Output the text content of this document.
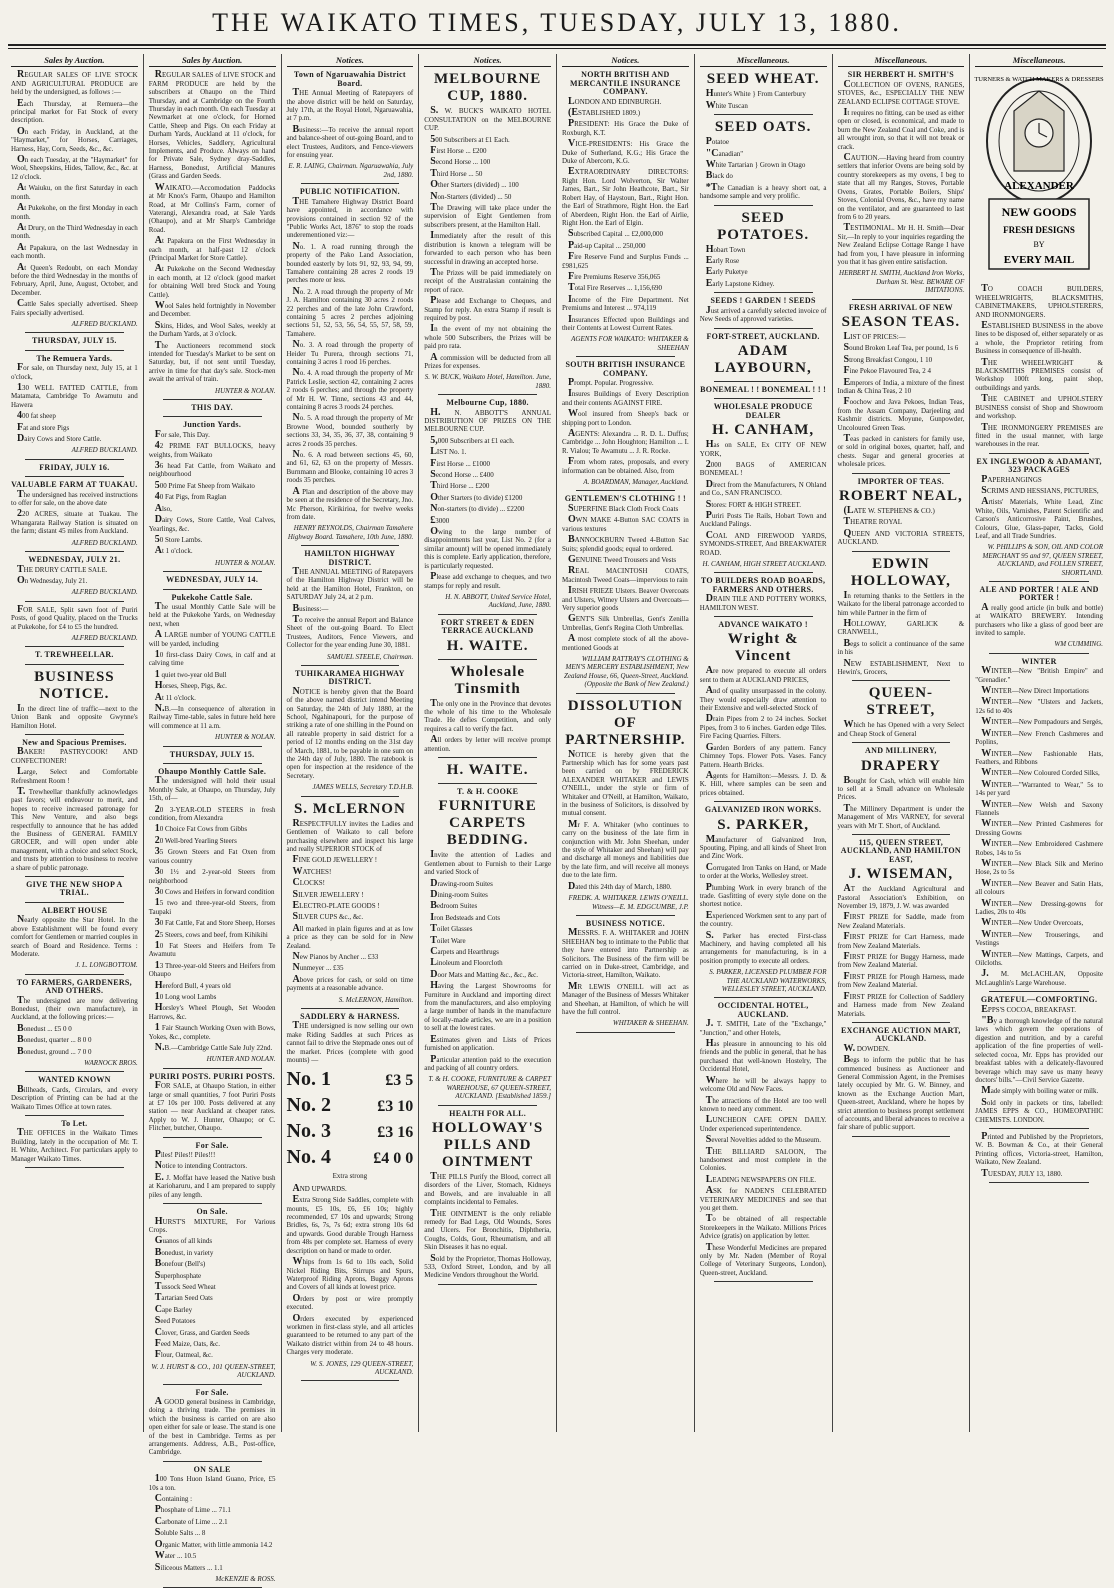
THE WAIKATO TIMES, TUESDAY, JULY 13, 1880.
Sales by Auction.

REGULAR SALES OF LIVE STOCK AND AGRICULTURAL PRODUCE are held by the undersigned, as follows :—

Each Thursday, at Remuera—the principal market for Fat Stock of every description.

On each Friday, in Auckland, at the "Haymarket," for Horses, Carriages, Harness, Hay, Corn, Seeds, &c., &c.

On each Tuesday, at the "Haymarket" for Wool, Sheepskins, Hides, Tallow, &c., &c. at 12 o'clock.

At Waiuku, on the first Saturday in each month.

At Pukekohe, on the first Monday in each month.

At Drury, on the Third Wednesday in each month.

At Papakura, on the last Wednesday in each month.

At Queen's Redoubt, on each Monday before the third Wednesday in the months of February, April, June, August, October, and December.

Cattle Sales specially advertised. Sheep Fairs specially advertised.

ALFRED BUCKLAND.
THURSDAY, JULY 15.
The Remuera Yards.

For sale, on Thursday next, July 15, at 1 o'clock,

130 WELL FATTED CATTLE, from Matamata, Cambridge To Awamutu and Hawera

400 fat sheep

Fat and store Pigs

Dairy Cows and Store Cattle.

ALFRED BUCKLAND.
FRIDAY, JULY 16.
VALUABLE FARM AT TUAKAU.

The undersigned has received instructions to offer for sale, on the above date

220 ACRES, situate at Tuakau. The Whangarata Railway Station is situated on the farm; distant 45 miles from Auckland.

ALFRED BUCKLAND.
WEDNESDAY, JULY 21.

THE DRURY CATTLE SALE.

On Wednesday, July 21.

ALFRED BUCKLAND.

FOR SALE, Split sawn foot of Puriri Posts, of good Quality, placed on the Trucks at Pukekohe, for £4 to £5 the hundred.

ALFRED BUCKLAND.
T. TREWHEELLAR.
BUSINESS NOTICE.

In the direct line of traffic—next to the Union Bank and opposite Gwynne's Hamilton Hotel.

New and Spacious Premises.

BAKER! PASTRYCOOK! AND CONFECTIONER!

Large, Select and Comfortable Refreshment Room !

T. Trewheellar thankfully acknowledges past favors; will endeavour to merit, and hopes to receive increased patronage for This New Venture, and also begs respectfully to announce that he has added the Business of GENERAL FAMILY GROCER, and will open under able management, with a choice and select Stock, and trusts by attention to business to receive a share of public patronage.

GIVE THE NEW SHOP A TRIAL.
ALBERT HOUSE

Nearly opposite the Star Hotel. In the above Establishment will be found every comfort for Gentlemen or married couples in search of Board and Residence. Terms : Moderate.

J. L. LONGBOTTOM.
TO FARMERS, GARDENERS, AND OTHERS.

The undersigned are now delivering Bonedust, (their own manufacture), in Auckland, at the following prices:—

Bonedust ... £5 0 0

Bonedust, quarter ... 8 0 0

Bonedust, ground ... 7 0 0

WARNOCK BROS.
WANTED KNOWN

Billheads, Cards, Circulars, and every Description of Printing can be had at the Waikato Times Office at town rates.

To Let.

THE OFFICES in the Waikato Times Building, lately in the occupation of Mr. T. H. White, Architect. For particulars apply to Manager Waikato Times.

Sales by Auction.

REGULAR SALES of LIVE STOCK and FARM PRODUCE are held by the subscribers at Ohaupo on the Third Thursday, and at Cambridge on the Fourth Thursday in each month. On each Tuesday at Newmarket at one o'clock, for Horned Cattle, Sheep and Pigs. On each Friday at Durham Yards, Auckland at 11 o'clock, for Horses, Vehicles, Saddlery, Agricultural Implements, and Produce. Always on hand for Private Sale, Sydney dray-Saddles, Harness, Bonedust, Artificial Manures (Grass and Garden Seeds.

WAIKATO.—Accomodation Paddocks at Mr Knox's Farm, Ohaupo and Hamilton Road, at Mr Collins's Farm, corner of Vaterangi, Alexandra road, at Sale Yards (Ohaupo), and at Mr Sharp's Cambridge Road.

At Papakura on the First Wednesday in each month, at half-past 12 o'clock (Principal Market for Store Cattle).

At Pukekohe on the Second Wednesday in each month, at 12 o'clock (good market for obtaining Well bred Stock and Young Cattle).

Wool Sales held fortnightly in November and December.

Skins, Hides, and Wool Sales, weekly at the Durham Yards, at 3 o'clock.

The Auctioneers recommend stock intended for Tuesday's Market to be sent on Saturday, but, if not sent until Tuesday, arrive in time for that day's sale. Stock-men await the arrival of train.

HUNTER & NOLAN.
THIS DAY.
Junction Yards.

For sale, This Day.

42 PRIME FAT BULLOCKS, heavy weights, from Waikato

36 head Fat Cattle, from Waikato and neighbourhood

500 Prime Fat Sheep from Waikato

40 Fat Pigs, from Raglan

Also,

Dairy Cows, Store Cattle, Veal Calves, Yearlings, &c.

50 Store Lambs.

At 1 o'clock.

HUNTER & NOLAN.
WEDNESDAY, JULY 14.
Pukekohe Cattle Sale.

The usual Monthly Cattle Sale will be held at the Pukekohe Yards, on Wednesday next, when

A LARGE number of YOUNG CATTLE will be yarded, including

10 first-class Dairy Cows, in calf and at calving time

1 quiet two-year old Bull

Horses, Sheep, Pigs, &c.

At 11 o'clock.

N.B.—In consequence of alteration in Railway Time-table, sales in future held here will commence at 11 a.m.

HUNTER & NOLAN.
THURSDAY, JULY 15.
Ohaupo Monthly Cattle Sale.

The undersigned will hold their usual Monthly Sale, at Ohaupo, on Thursday, July 15th, of—

20 3-YEAR-OLD STEERS in fresh condition, from Alexandra

10 Choice Fat Cows from Gibbs

20 Well-bred Yearling Steers

35 Grown Steers and Fat Oxen from various country

30 1½ and 2-year-old Steers from neighborhood

30 Cows and Heifers in forward condition

15 two and three-year-old Steers, from Taupaki

30 Fat Cattle, Fat and Store Sheep, Horses

25 Steers, cows and beef, from Kihikihi

10 Fat Steers and Heifers from Te Awamutu

13 Three-year-old Steers and Heifers from Ohaupo

Hereford Bull, 4 years old

10 Long wool Lambs

Horsley's Wheel Plough, Set Wooden Harrows, &c.

1 Fair Staunch Working Oxen with Bows, Yokes, &c., complete.

N.B.—Cambridge Cattle Sale July 22nd.

HUNTER AND NOLAN.
PURIRI POSTS. PURIRI POSTS.

FOR SALE, at Ohaupo Station, in either large or small quantities, 7 foot Puriri Posts at £7 10s per 100. Posts delivered at any station — near Auckland at cheaper rates. Apply to W. J. Hunter, Ohaupo; or C. Flitcher, butcher, Ohaupo.

For Sale.

Piles! Piles!! Piles!!!

Notice to intending Contractors.

E. J. Moffat have leased the Native bush at Karioharuru, and I am prepared to supply piles of any length.

On Sale.

HURST'S MIXTURE, For Various Crops.

Guanos of all kinds

Bonedust, in variety

Bonefour (Bell's)

Superphosphate

Tussock Seed Wheat

Tartarian Seed Oats

Cape Barley

Seed Potatoes

Clover, Grass, and Garden Seeds

Feed Maize, Oats, &c.

Flour, Oatmeal, &c.

W. J. HURST & CO., 101 QUEEN-STREET, AUCKLAND.
For Sale.

A GOOD general business in Cambridge, doing a thriving trade. The premises in which the business is carried on are also open either for sale or lease. The stand is one of the best in Cambridge. Terms as per arrangements. Address, A.B., Post-office, Cambridge.

ON SALE

100 Tons Huon Island Guano, Price, £5 10s a ton.

Containing :

Phosphate of Lime ... 71.1

Carbonate of Lime ... 2.1

Soluble Salts ... 8

Organic Matter, with little ammonia 14.2

Water ... 10.5

Siliceous Matters ... 1.1

McKENZIE & ROSS.
Notices.
Town of Ngaruawahia District Board.

THE Annual Meeting of Ratepayers of the above district will be held on Saturday, July 17th, at the Royal Hotel, Ngaruawahia, at 7 p.m.

Business:—To receive the annual report and balance-sheet of out-going Board, and to elect Trustees, Auditors, and Fence-viewers for ensuing year.

E. R. LAING, Chairman. Ngaruawahia, July 2nd, 1880.
PUBLIC NOTIFICATION.

THE Tamahere Highway District Board have appointed, in accordance with provisions contained in section 92 of the "Public Works Act, 1876" to stop the roads underementioned viz:—

No. 1. A road running through the property of the Pako Land Association, bounded easterly by lots 91, 92, 93, 94, 99, Tamahere containing 28 acres 2 roods 19 perches more or less.

No. 2. A road through the property of Mr J. A. Hamilton containing 30 acres 2 roods 22 perches and of the late John Crawford, containing 5 acres 2 perches adjoining sections 51, 52, 53, 56, 54, 55, 57, 58, 59, Tamahere.

No. 3. A road through the property of Heider Tu Purera, through sections 71, containing 3 acres 1 rood 16 perches.

No. 4. A road through the property of Mr Patrick Leslie, section 42, containing 2 acres 2 roods 6 perches; and through the property of Mr H. W. Tinne, sections 43 and 44, containing 8 acres 3 roods 24 perches.

No. 5. A road through the property of Mr Browne Wood, bounded southerly by sections 33, 34, 35, 36, 37, 38, containing 9 acres 2 roods 35 perches.

No. 6. A road between sections 45, 60, and 61, 62, 63 on the property of Messrs. Burnmann and Blooke, containing 10 acres 3 roods 35 perches.

A Plan and description of the above may be seen at the residence of the Secretary, Jno. Mc Pherson, Kirikirioa, for twelve weeks from date.

HENRY REYNOLDS, Chairman Tamahere Highway Board. Tamahere, 10th June, 1880.
HAMILTON HIGHWAY DISTRICT.

THE ANNUAL MEETING of Ratepayers of the Hamilton Highway District will be held at the Hamilton Hotel, Frankton, on SATURDAY July 24, at 2 p.m.

Business:—

To receive the annual Report and Balance Sheet of the out-going Board. To Elect Trustees, Auditors, Fence Viewers, and Collector for the year ending June 30, 1881.

SAMUEL STEELE, Chairman.
TUHIKARAMEA HIGHWAY DISTRICT.

NOTICE is hereby given that the Board of the above named district intend Meeting on Saturday, the 24th of July 1880, at the School, Ngahinapouri, for the purpose of striking a rate of one shilling in the Pound on all rateable property in said district for a period of 12 months ending on the 31st day of March, 1881, to be payable in one sum on the 24th day of July, 1880. The ratebook is open for inspection at the residence of the Secretary.

JAMES WELLS, Secretary T.D.H.B.
S. McLERNON

RESPECTFULLY invites the Ladies and Gentlemen of Waikato to call before purchasing elsewhere and inspect his large and really SUPERIOR STOCK of

FINE GOLD JEWELLERY !

WATCHES!

CLOCKS!

SILVER JEWELLERY !

ELECTRO-PLATE GOODS !

SILVER CUPS &c., &c.

All marked in plain figures and at as low a price as they can be sold for in New Zealand.

New Pianos by Ancher ... £33

Nunmeyer ... £35

Above prices for cash, or sold on time payments at a reasonable advance.

S. McLERNON, Hamilton.
SADDLERY & HARNESS.

THE undersigned is now selling our own make Riding Saddles at such Prices as cannot fail to drive the Stepmade ones out of the market. Prices (complete with good mounts) —

No. 1	£3 5
No. 2	£3 10
No. 3	£3 16
No. 4	£4 0 0
Extra strong

AND UPWARDS.

Extra Strong Side Saddles, complete with mounts, £5 10s, £6, £6 10s; highly recommended, £7 10s and upwards; Strong Bridles, 6s, 7s, 7s 6d; extra strong 10s 6d and upwards. Good durable Trough Harness from 48s per complete set. Harness of every description on hand or made to order.

Whips from 1s 6d to 10s each, Solid Nickel Riding Bits, Stirrups and Spurs, Waterproof Riding Aprons, Buggy Aprons and Covers of all kinds at lowest price.

Orders by post or wire promptly executed.

Orders executed by experienced workmen in first-class style, and all articles guaranteed to be returned to any part of the Waikato district within from 24 to 48 hours. Charges very moderate.

W. S. JONES, 129 QUEEN-STREET, AUCKLAND.
Notices.
MELBOURNE CUP, 1880.

S. W. BUCK'S WAIKATO HOTEL CONSULTATION on the MELBOURNE CUP.

500 Subscribers at £1 Each.

First Horse ... £200

Second Horse ... 100

Third Horse ... 50

Other Starters (divided) ... 100

Non-Starters (divided) ... 50

The Drawing will take place under the supervision of Eight Gentlemen from subscribers present, at the Hamilton Hall.

Immediately after the result of this distribution is known a telegram will be forwarded to each person who has been successful in drawing an accepted horse.

The Prizes will be paid immediately on receipt of the Australasian containing the report of race.

Please add Exchange to Cheques, and Stamp for reply. An extra Stamp if result is required by post.

In the event of my not obtaining the whole 500 Subscribers, the Prizes will be paid pro rata.

A commission will be deducted from all Prizes for expenses.

S. W. BUCK, Waikato Hotel, Hamilton. June, 1880.
Melbourne Cup, 1880.

H. N. ABBOTT'S ANNUAL DISTRIBUTION OF PRIZES ON THE MELBOURNE CUP.

5,000 Subscribers at £1 each.

LIST No. 1.

First Horse ... £1000

Second Horse ... £400

Third Horse ... £200

Other Starters (to divide) £1200

Non-starters (to divide) ... £2200

£3000

Owing to the large number of disappointments last year, List No. 2 (for a similar amount) will be opened immediately this is complete. Early application, therefore, is particularly requested.

Please add exchange to cheques, and two stamps for reply and result.

H. N. ABBOTT, United Service Hotel, Auckland, June, 1880.
FORT STREET & EDEN TERRACE AUCKLAND
H. WAITE.
Wholesale Tinsmith

The only one in the Province that devotes the whole of his time to the Wholesale Trade. He defies Competition, and only requires a call to verify the fact.

All orders by letter will receive prompt attention.

H. WAITE.
T. & H. COOKE
FURNITURE CARPETS BEDDING.

Invite the attention of Ladies and Gentlemen about to Furnish to their Large and varied Stock of

Drawing-room Suites

Dining-room Suites

Bedroom Suites

Iron Bedsteads and Cots

Toilet Glasses

Toilet Ware

Carpets and Hearthrugs

Linoleum and Floorcloth

Door Mats and Matting &c., &c., &c.

Having the Largest Showrooms for Furniture in Auckland and importing direct from the manufacturers, and also employing a large number of hands in the manufacture of locally-made articles, we are in a position to sell at the lowest rates.

Estimates given and Lists of Prices furnished on application.

Particular attention paid to the execution and packing of all country orders.

T. & H. COOKE, FURNITURE & CARPET WAREHOUSE, 67 QUEEN-STREET, AUCKLAND. [Established 1859.]
HEALTH FOR ALL.
HOLLOWAY'S PILLS AND OINTMENT

THE PILLS Purify the Blood, correct all disorders of the Liver, Stomach, Kidneys and Bowels, and are invaluable in all complaints incidental to Females.

THE OINTMENT is the only reliable remedy for Bad Legs, Old Wounds, Sores and Ulcers. For Bronchitis, Diphtheria, Coughs, Colds, Gout, Rheumatism, and all Skin Diseases it has no equal.

Sold by the Proprietor, Thomas Holloway, 533, Oxford Street, London, and by all Medicine Vendors throughout the World.

Notices.
NORTH BRITISH AND MERCANTILE INSURANCE COMPANY.

LONDON AND EDINBURGH.

(ESTABLISHED 1809.)

PRESIDENT: His Grace the Duke of Roxburgh, K.T.

VICE-PRESIDENTS: His Grace the Duke of Sutherland, K.G.; His Grace the Duke of Abercorn, K.G.

EXTRAORDINARY DIRECTORS: Right Hon. Lord Wolverton, Sir Walter James, Bart., Sir John Heathcote, Bart., Sir Robert Hay, of Haystoun, Bart., Right Hon. the Earl of Strathmore, Right Hon. the Earl of Aberdeen, Right Hon. the Earl of Airlie, Right Hon. the Earl of Elgin.

Subscribed Capital ... £2,000,000

Paid-up Capital ... 250,000

Fire Reserve Fund and Surplus Funds ... £981,625

Fire Premiums Reserve 356,065

Total Fire Reserves ... 1,156,690

Income of the Fire Department. Net Premiums and Interest ... 974,119

Insurances Effected upon Buildings and their Contents at Lowest Current Rates.

AGENTS FOR WAIKATO: WHITAKER & SHEEHAN
SOUTH BRITISH INSURANCE COMPANY.

Prompt. Popular. Progressive.

Insures Buildings of Every Description and their contents AGAINST FIRE.

Wool insured from Sheep's back or shipping port to London.

AGENTS: Alexandra ... R. D. L. Duffus; Cambridge ... John Houghton; Hamilton ... I. R. Vialou; Te Awamutu ... J. R. Rocke.

From whom rates, proposals, and every information can be obtained. Also, from

A. BOARDMAN, Manager, Auckland.
GENTLEMEN'S CLOTHING ! !

SUPERFINE Black Cloth Frock Coats

OWN MAKE 4-Button SAC COATS in various textures

BANNOCKBURN Tweed 4-Button Sac Suits; splendid goods; equal to ordered.

GENUINE Tweed Trousers and Vests

REAL MACINTOSH COATS, Macintosh Tweed Coats—impervious to rain

IRISH FRIEZE Ulsters. Beaver Overcoats and Ulsters, Witney Ulsters and Overcoats—Very superior goods

GENT'S Silk Umbrellas, Gent's Zenilla Umbrellas, Gent's Regina Cloth Umbrellas.

A most complete stock of all the above-mentioned Goods at

WILLIAM RATTRAY'S CLOTHING & MEN'S MERCERY ESTABLISHMENT, New Zealand House, 66, Queen-Street, Auckland. (Opposite the Bank of New Zealand.)
DISSOLUTION OF PARTNERSHIP.

NOTICE is hereby given that the Partnership which has for some years past been carried on by FREDERICK ALEXANDER WHITAKER and LEWIS O'NEILL, under the style or firm of Whitaker and O'Neill, at Hamilton, Waikato, in the business of Solicitors, is dissolved by mutual consent.

Mr F. A. Whitaker (who continues to carry on the business of the late firm in conjunction with Mr. John Sheehan, under the style of Whitaker and Sheehan) will pay and discharge all moneys and liabilities due by the late firm, and will receive all moneys due to the late firm.

Dated this 24th day of March, 1880.

FREDK. A. WHITAKER. LEWIS O'NEILL. Witness—E. M. EDGCUMBE, J.P.
BUSINESS NOTICE.

MESSRS. F. A. WHITAKER and JOHN SHEEHAN beg to intimate to the Public that they have entered into Partnership as Solicitors. The Business of the firm will be carried on in Duke-street, Cambridge, and Victoria-street, Hamilton, Waikato.

MR LEWIS O'NEILL will act as Manager of the Business of Messrs Whitaker and Sheehan, at Hamilton, of which he will have the full control.

WHITAKER & SHEEHAN.
Miscellaneous.
SEED WHEAT.

Hunter's White } From Canterbury

White Tuscan

SEED OATS.

Potatoe

"Canadian"

White Tartarian } Grown in Otago

Black do

*The Canadian is a heavy short oat, a handsome sample and very prolific.

SEED POTATOES.

Hobart Town

Early Rose

Early Puketye

Early Lapstone Kidney.

SEEDS ! GARDEN ! SEEDS

Just arrived a carefully selected invoice of New Seeds of approved varieties.

FORT-STREET, AUCKLAND.
ADAM LAYBOURN,
BONEMEAL ! ! BONEMEAL ! ! !
WHOLESALE PRODUCE DEALER
H. CANHAM,

Has on SALE, Ex CITY OF NEW YORK,

2000 BAGS of AMERICAN BONEMEAL !

Direct from the Manufacturers, N Ohland and Co., SAN FRANCISCO.

Stores: FORT & HIGH STREET.

Puriri Posts Tie Rails, Hobart Town and Auckland Palings.

COAL AND FIREWOOD YARDS, SYMONDS-STREET, And BREAKWATER ROAD.

H. CANHAM, HIGH STREET AUCKLAND.
TO BUILDERS ROAD BOARDS, FARMERS AND OTHERS.

DRAIN TILE AND POTTERY WORKS, HAMILTON WEST.

ADVANCE WAIKATO !
Wright & Vincent

Are now prepared to execute all orders sent to them at AUCKLAND PRICES,

And of quality unsurpassed in the colony. They would especially draw attention to their Extensive and well-selected Stock of

Drain Pipes from 2 to 24 inches. Socket Pipes, from 3 to 6 inches. Garden edge Tiles. Fire Facing Quarries. Filters.

Garden Borders of any pattern. Fancy Chimney Tops. Flower Pots. Vases. Fancy Pattern. Hearth Bricks.

Agents for Hamilton:—Messrs. J. D. & K. Hill, where samples can be seen and prices obtained.

GALVANIZED IRON WORKS.
S. PARKER,

Manufacturer of Galvanized Iron, Spouting, Piping, and all kinds of Sheet Iron and Zinc Work.

Corrugated Iron Tanks on Hand, or Made to order at the Works, Wellesley street.

Plumbing Work in every branch of the trade. Gasfitting of every style done on the shortest notice.

Experienced Workmen sent to any part of the country.

S. Parker has erected First-class Machinery, and having completed all his arrangements for manufacturing, is in a position promptly to execute all orders.

S. PARKER, LICENSED PLUMBER FOR THE AUCKLAND WATERWORKS, WELLESLEY STREET, AUCKLAND.
OCCIDENTAL HOTEL, AUCKLAND.

J. T. SMITH, Late of the "Exchange," "Junction," and other Hotels,

Has pleasure in announcing to his old friends and the public in general, that he has purchased that well-known Hostelry, The Occidental Hotel,

Where he will be always happy to welcome Old and New Faces.

The attractions of the Hotel are too well known to need any comment.

LUNCHEON CAFE OPEN DAILY. Under experienced superintendence.

Several Novelties added to the Museum.

THE BILLIARD SALOON, The handsomest and most complete in the Colonies.

LEADING NEWSPAPERS ON FILE.

ASK for NADEN'S CELEBRATED VETERINARY MEDICINES and see that you get them.

To be obtained of all respectable Storekeepers in the Waikato. Millions Prices Advice (gratis) on application by letter.

These Wonderful Medicines are prepared only by Mr. Naden (Member of Royal College of Veterinary Surgeons, London), Queen-street, Auckland.

Miscellaneous.
SIR HERBERT H. SMITH'S

COLLECTION OF OVENS, RANGES, STOVES, &c., ESPECIALLY THE NEW ZEALAND ECLIPSE COTTAGE STOVE.

It requires no fitting, can be used as either open or closed, is economical, and made to burn the New Zealand Coal and Coke, and is all wrought iron, so that it will not break or crack.

CAUTION.—Having heard from country settlers that inferior Ovens are being sold by country storekeepers as my ovens, I beg to state that all my Ranges, Stoves, Portable Ovens, Grates, Portable Boilers, Ships' Stoves, Colonial Ovens, &c., have my name on the ventilator, and are guaranteed to last from 6 to 20 years.

TESTIMONIAL. Mr H. H. Smith—Dear Sir,—In reply to your inquiries regarding the New Zealand Eclipse Cottage Range I have had from you, I have pleasure in informing you that it has given entire satisfaction.

HERBERT H. SMITH, Auckland Iron Works, Durham St. West. BEWARE OF IMITATIONS.
FRESH ARRIVAL OF NEW
SEASON TEAS.

LIST OF PRICES:—

Sound Broken Leaf Tea, per pound, 1s 6

Strong Breakfast Congou, 1 10

Fine Pekoe Flavoured Tea, 2 4

Emperors of India, a mixture of the finest Indian & China Teas, 2 10

Foochow and Java Pekoes, Indian Teas, from the Assam Company, Darjeeling and Kashmir districts. Moyune, Gunpowder, Uncoloured Green Teas.

Teas packed in canisters for family use, or sold in original boxes, quarter, half, and chests. Sugar and general groceries at wholesale prices.

IMPORTER OF TEAS.
ROBERT NEAL,

(LATE W. STEPHENS & CO.)

THEATRE ROYAL

QUEEN AND VICTORIA STREETS, AUCKLAND.

EDWIN HOLLOWAY,

In returning thanks to the Settlers in the Waikato for the liberal patronage accorded to him while Partner in the firm of

HOLLOWAY, GARLICK & CRANWELL,

Begs to solicit a continuance of the same in his

NEW ESTABLISHMENT, Next to Hewin's, Grocers,

QUEEN-STREET,

Which he has Opened with a very Select and Cheap Stock of General

AND MILLINERY,
DRAPERY

Bought for Cash, which will enable him to sell at a Small advance on Wholesale Prices.

The Millinery Department is under the Management of Mrs VARNEY, for several years with Mr T. Short, of Auckland.

115, QUEEN STREET, AUCKLAND, AND HAMILTON EAST,
J. WISEMAN,

AT the Auckland Agricultural and Pastoral Association's Exhibition, on November 19, 1879, J. W. was awarded

FIRST PRIZE for Saddle, made from New Zealand Materials.

FIRST PRIZE for Cart Harness, made from New Zealand Materials.

FIRST PRIZE for Buggy Harness, made from New Zealand Material.

FIRST PRIZE for Plough Harness, made from New Zealand Material.

FIRST PRIZE for Collection of Saddlery and Harness made from New Zealand Materials.

EXCHANGE AUCTION MART, AUCKLAND.

W. DOWDEN.

Begs to inform the public that he has commenced business as Auctioneer and General Commission Agent, in the Premises lately occupied by Mr. G. W. Binney, and known as the Exchange Auction Mart, Queen-street, Auckland, where he hopes by strict attention to business prompt settlement of accounts, and liberal advances to receive a fair share of public support.

Miscellaneous.
TURNERS & WATCH MAKERS & DRESSERS
ALEXANDER
NEW GOODS
FRESH DESIGNS
BY
EVERY MAIL

TO COACH BUILDERS, WHEELWRIGHTS, BLACKSMITHS, CABINETMAKERS, UPHOLSTERERS, AND IRONMONGERS.

ESTABLISHED BUSINESS in the above lines to be disposed of, either separately or as a whole, the Proprietor retiring from Business in consequence of ill-health.

THE WHEELWRIGHT & BLACKSMITHS PREMISES consist of Workshop 100ft long, paint shop, outbuildings and yards.

THE CABINET and UPHOLSTERY BUSINESS consist of Shop and Showroom and workshop.

THE IRONMONGERY PREMISES are fitted in the usual manner, with large warehouses in the rear.

EX INGLEWOOD & ADAMANT, 323 PACKAGES

PAPERHANGINGS

SCRIMS AND HESSIANS, PICTURES,

Artists' Materials, White Lead, Zinc White, Oils, Varnishes, Patent Scientific and Carson's Anticorrosive Paint, Brushes, Colours, Glue, Glass-paper, Tacks, Gold Leaf, and all Trade Sundries.

W. PHILLIPS & SON, OIL AND COLOR MERCHANT 95 and 97, QUEEN STREET, AUCKLAND, and FOLLEN STREET, SHORTLAND.
ALE AND PORTER ! ALE AND PORTER !

A really good article (in bulk and bottle) at WAIKATO BREWERY. Intending purchasers who like a glass of good beer are invited to sample.

WM CUMMING.
WINTER

WINTER—New "British Empire" and "Grenadier."

WINTER—New Direct Importations

WINTER—New "Ulsters and Jackets, 12s 6d to 40s

WINTER—New Pompadours and Sergés,

WINTER—New French Cashmeres and Poplins,

WINTER—New Fashionable Hats, Feathers, and Ribbons

WINTER—New Coloured Corded Silks,

WINTER—"Warranted to Wear," 5s to 14s per yard

WINTER—New Welsh and Saxony Flannels

WINTER—New Printed Cashmeres for Dressing Gowns

WINTER—New Embroidered Cashmere Robes, 14s to 5s

WINTER—New Black Silk and Merino Hose, 2s to 5s

WINTER—New Beaver and Satin Hats, all colours

WINTER—New Dressing-gowns for Ladies, 20s to 40s

WINTER—New Under Overcoats,

WINTER—New Trouserings, and Vestings

WINTER—New Mattings, Carpets, and Oilcloths.

J. M. McLACHLAN, Opposite McLaughlin's Large Warehouse.

GRATEFUL—COMFORTING.

EPPS'S COCOA, BREAKFAST.

"By a thorough knowledge of the natural laws which govern the operations of digestion and nutrition, and by a careful application of the fine properties of well-selected cocoa, Mr. Epps has provided our breakfast tables with a delicately-flavoured beverage which may save us many heavy doctors' bills."—Civil Service Gazette.

Made simply with boiling water or milk.

Sold only in packets or tins, labelled: JAMES EPPS & CO., HOMEOPATHIC CHEMISTS. LONDON.

Printed and Published by the Proprietors, W. B. Bowman & Co., at their General Printing offices, Victoria-street, Hamilton, Waikato, New Zealand.

TUESDAY, JULY 13, 1880.
